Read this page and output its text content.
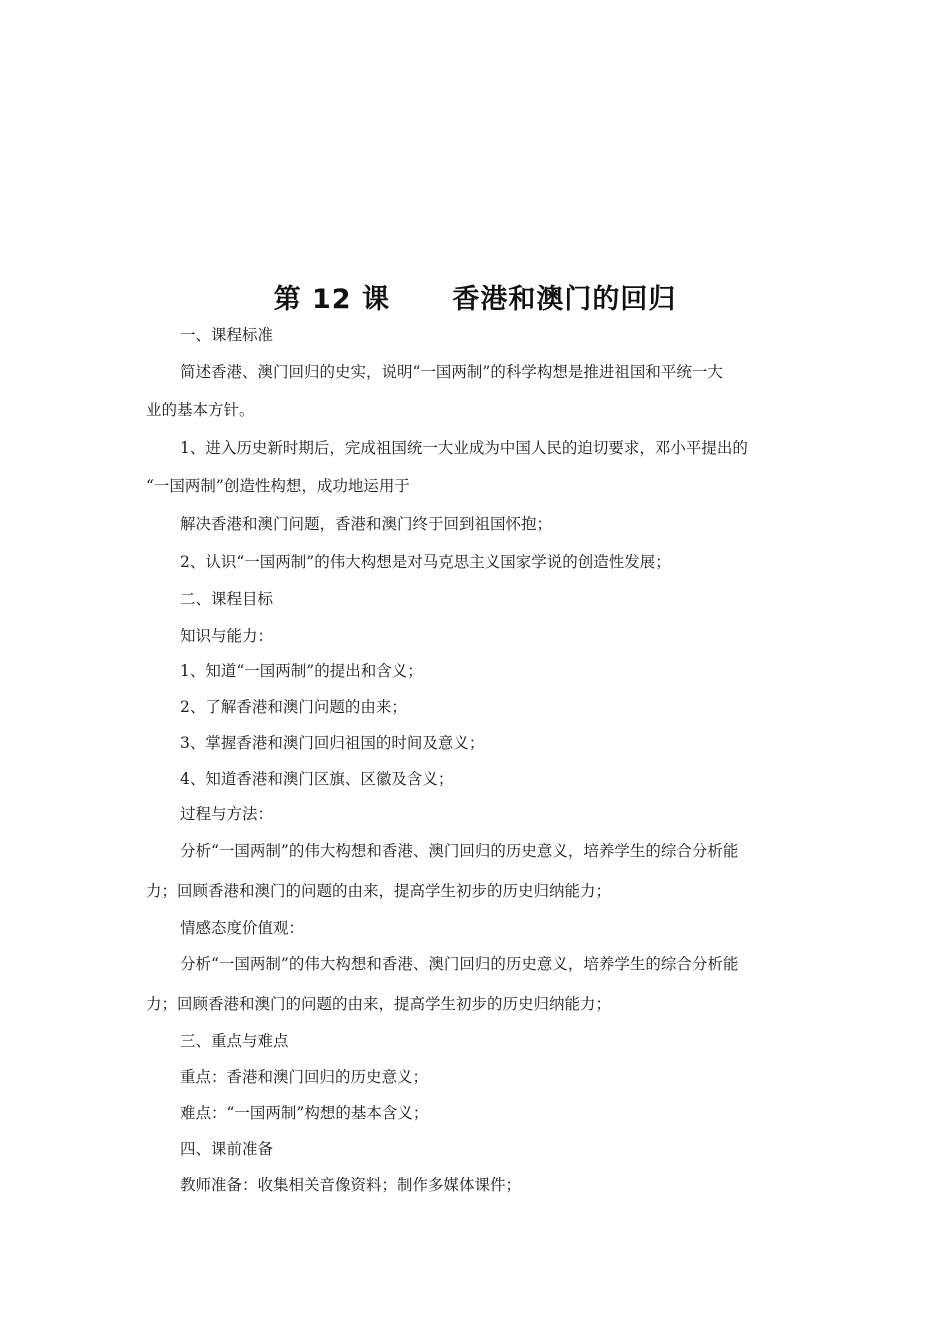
第 12 课      香港和澳门的回归
一、课程标准
简述香港、澳门回归的史实，说明“一国两制”的科学构想是推进祖国和平统一大
业的基本方针。
1、进入历史新时期后，完成祖国统一大业成为中国人民的迫切要求，邓小平提出的
“一国两制”创造性构想，成功地运用于
解决香港和澳门问题，香港和澳门终于回到祖国怀抱；
2、认识“一国两制”的伟大构想是对马克思主义国家学说的创造性发展；
二、课程目标
知识与能力：
1、知道“一国两制”的提出和含义；
2、了解香港和澳门问题的由来；
3、掌握香港和澳门回归祖国的时间及意义；
4、知道香港和澳门区旗、区徽及含义；
过程与方法：
分析“一国两制”的伟大构想和香港、澳门回归的历史意义，培养学生的综合分析能
力；回顾香港和澳门的问题的由来，提高学生初步的历史归纳能力；
情感态度价值观：
分析“一国两制”的伟大构想和香港、澳门回归的历史意义，培养学生的综合分析能
力；回顾香港和澳门的问题的由来，提高学生初步的历史归纳能力；
三、重点与难点
重点：香港和澳门回归的历史意义；
难点：“一国两制”构想的基本含义；
四、课前准备
教师准备：收集相关音像资料；制作多媒体课件；
